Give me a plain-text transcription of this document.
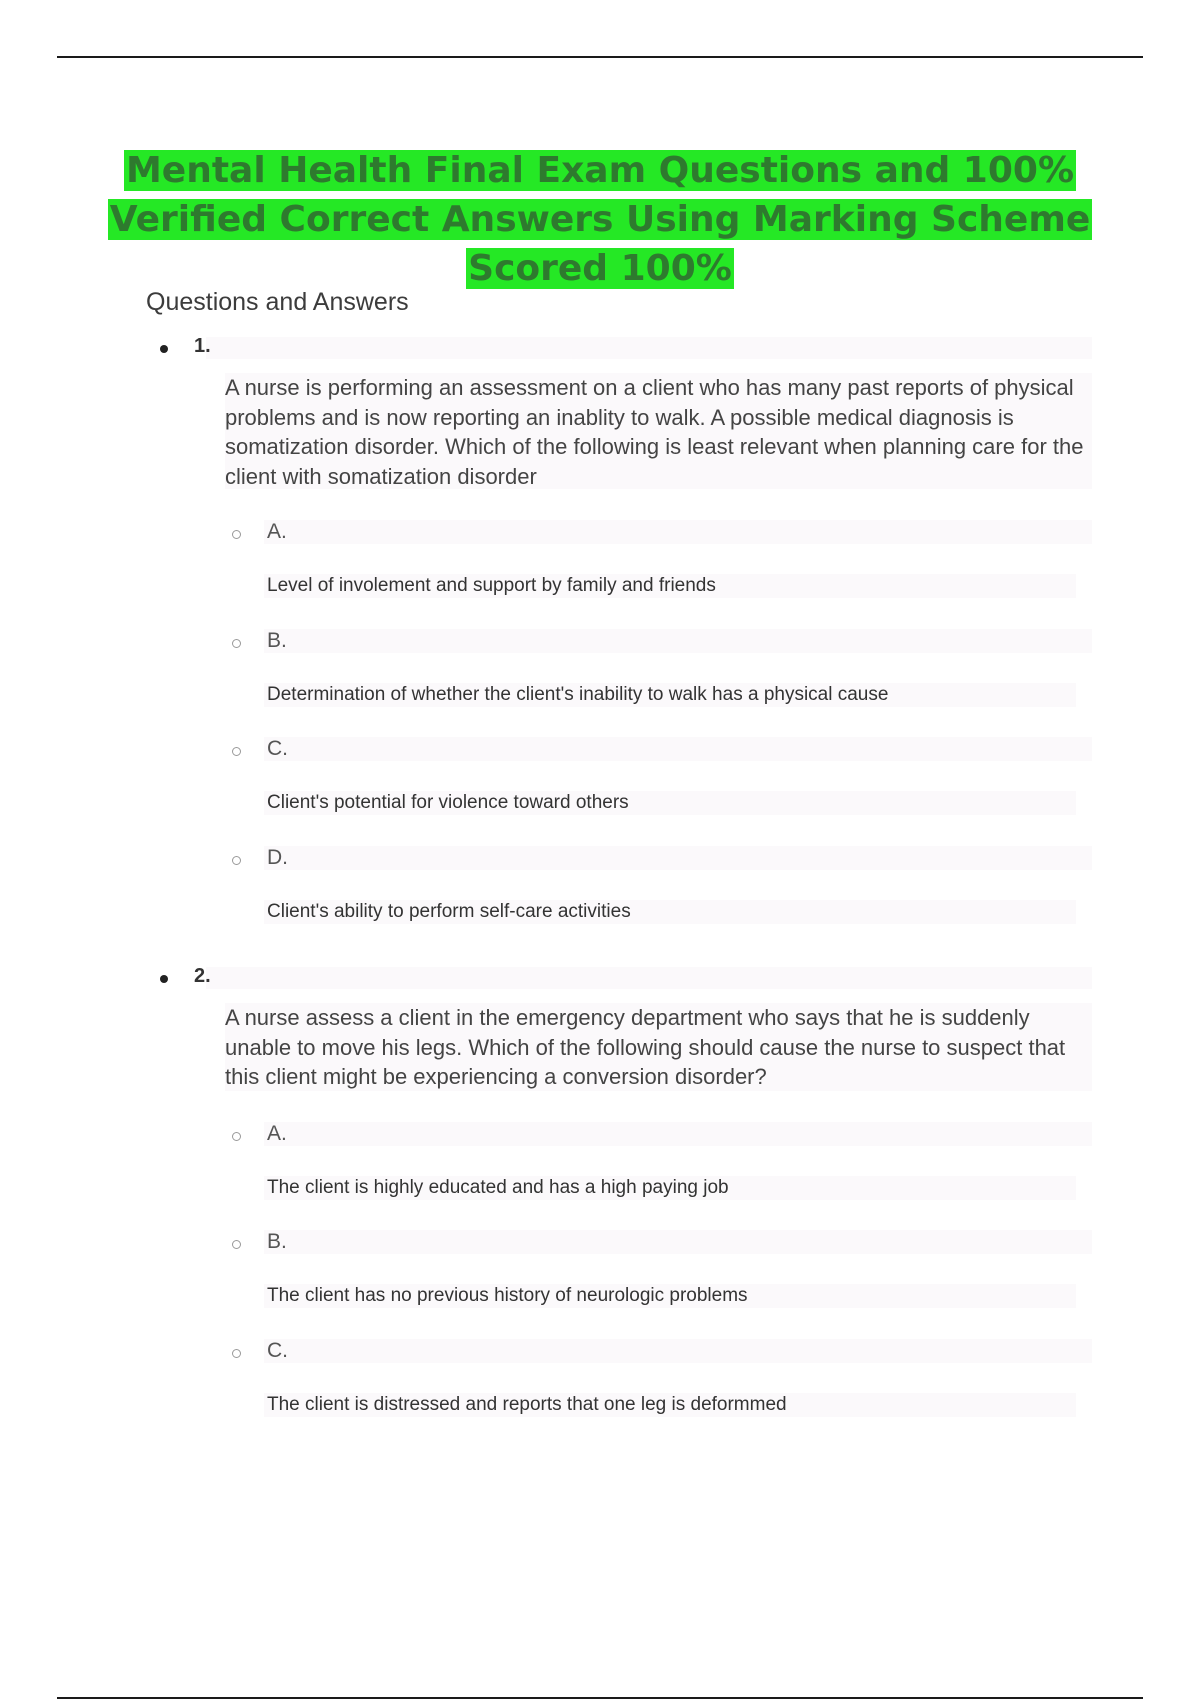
Mental Health Final Exam Questions and 100% Verified Correct Answers Using Marking Scheme Scored 100%
Questions and Answers
1.
A nurse is performing an assessment on a client who has many past reports of physical problems and is now reporting an inablity to walk. A possible medical diagnosis is somatization disorder. Which of the following is least relevant when planning care for the client with somatization disorder
A.
Level of involement and support by family and friends
B.
Determination of whether the client's inability to walk has a physical cause
C.
Client's potential for violence toward others
D.
Client's ability to perform self-care activities
2.
A nurse assess a client in the emergency department who says that he is suddenly unable to move his legs. Which of the following should cause the nurse to suspect that this client might be experiencing a conversion disorder?
A.
The client is highly educated and has a high paying job
B.
The client has no previous history of neurologic problems
C.
The client is distressed and reports that one leg is deformmed
